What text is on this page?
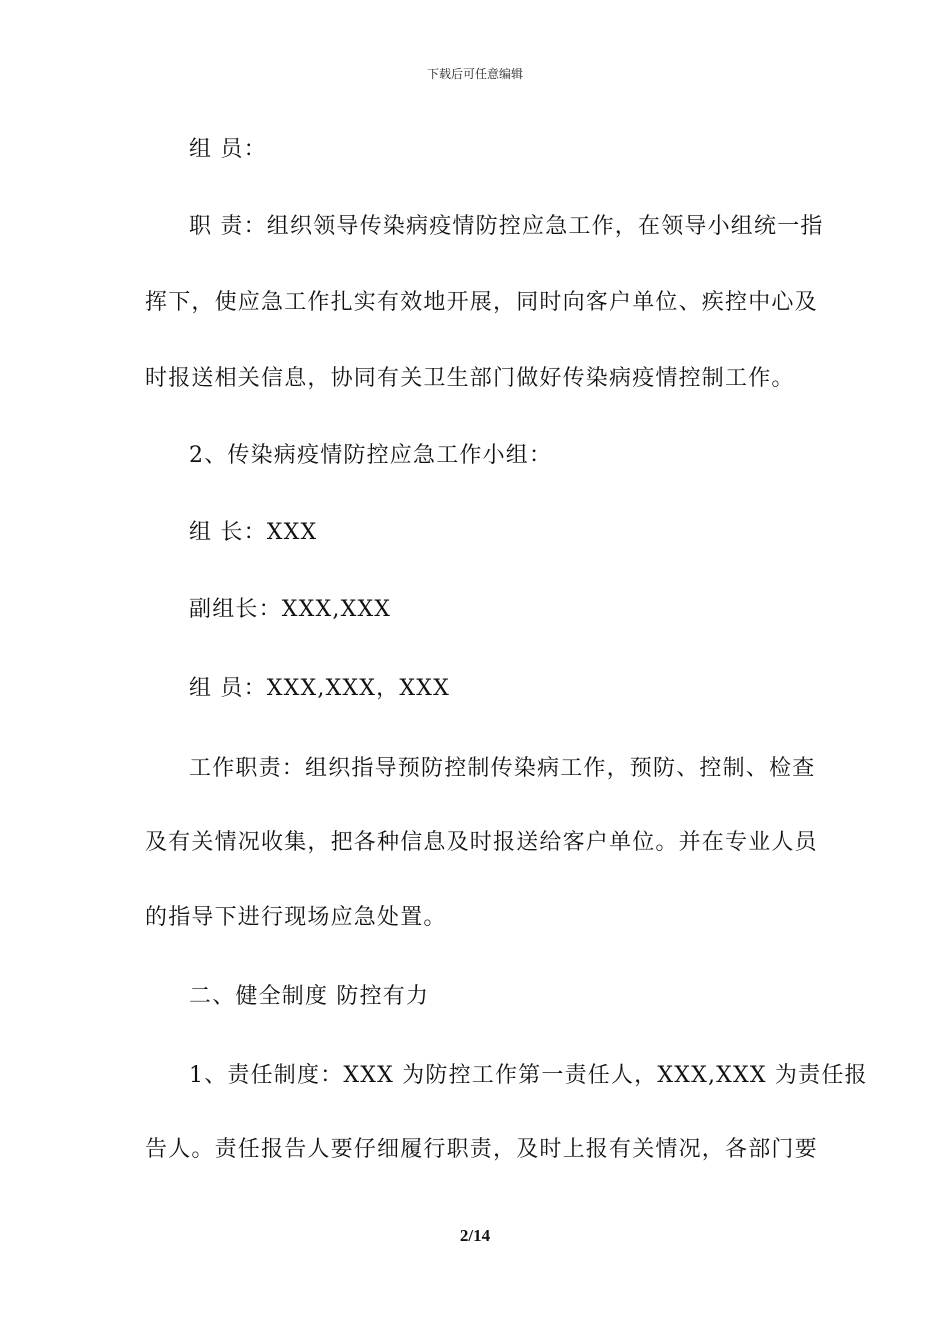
下载后可任意编辑
组 员：
职 责：组织领导传染病疫情防控应急工作，在领导小组统一指
挥下，使应急工作扎实有效地开展，同时向客户单位、疾控中心及
时报送相关信息，协同有关卫生部门做好传染病疫情控制工作。
2、传染病疫情防控应急工作小组：
组 长：XXX
副组长：XXX,XXX
组 员：XXX,XXX，XXX
工作职责：组织指导预防控制传染病工作，预防、控制、检查
及有关情况收集，把各种信息及时报送给客户单位。并在专业人员
的指导下进行现场应急处置。
二、健全制度 防控有力
1、责任制度：XXX 为防控工作第一责任人，XXX,XXX 为责任报
告人。责任报告人要仔细履行职责，及时上报有关情况，各部门要
2/14
